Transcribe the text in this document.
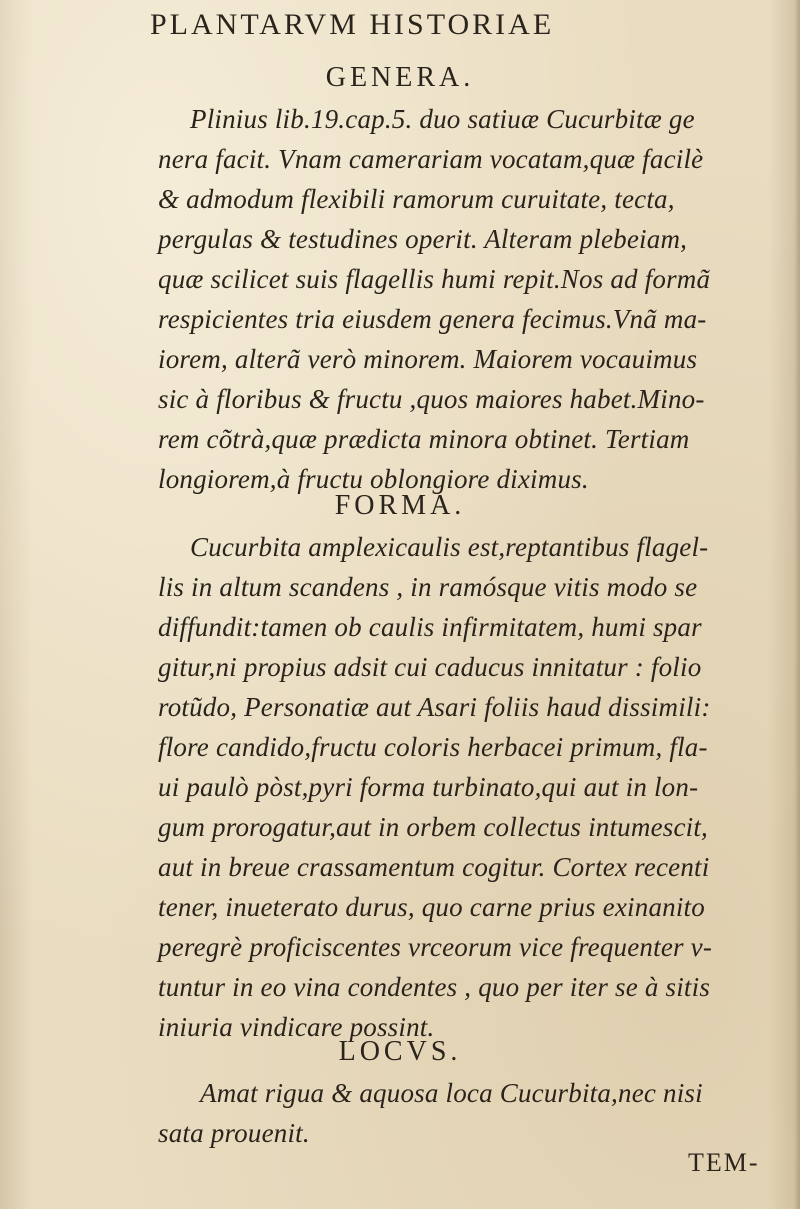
PLANTARVM HISTORIAE
GENERA.
Plinius lib.19.cap.5. duo satiuæ Cucurbitæ ge
nera facit. Vnam camerariam vocatam,quæ facilè
& admodum flexibili ramorum curuitate, tecta,
pergulas & testudines operit. Alteram plebeiam,
quæ scilicet suis flagellis humi repit.Nos ad formã
respicientes tria eiusdem genera fecimus.Vnã ma-
iorem, alterã verò minorem. Maiorem vocauimus
sic à floribus & fructu ,quos maiores habet.Mino-
rem cõtrà,quæ prædicta minora obtinet. Tertiam
longiorem,à fructu oblongiore diximus.
FORMA.
Cucurbita amplexicaulis est,reptantibus flagel-
lis in altum scandens , in ramósque vitis modo se
diffundit:tamen ob caulis infirmitatem, humi spar
gitur,ni propius adsit cui caducus innitatur : folio
rotũdo, Personatiæ aut Asari foliis haud dissimili:
flore candido,fructu coloris herbacei primum, fla-
ui paulò pòst,pyri forma turbinato,qui aut in lon-
gum prorogatur,aut in orbem collectus intumescit,
aut in breue crassamentum cogitur. Cortex recenti
tener, inueterato durus, quo carne prius exinanito
peregrè proficiscentes vrceorum vice frequenter v-
tuntur in eo vina condentes , quo per iter se à sitis
iniuria vindicare possint.
LOCVS.
Amat rigua & aquosa loca Cucurbita,nec nisi
sata prouenit.
TEM-
